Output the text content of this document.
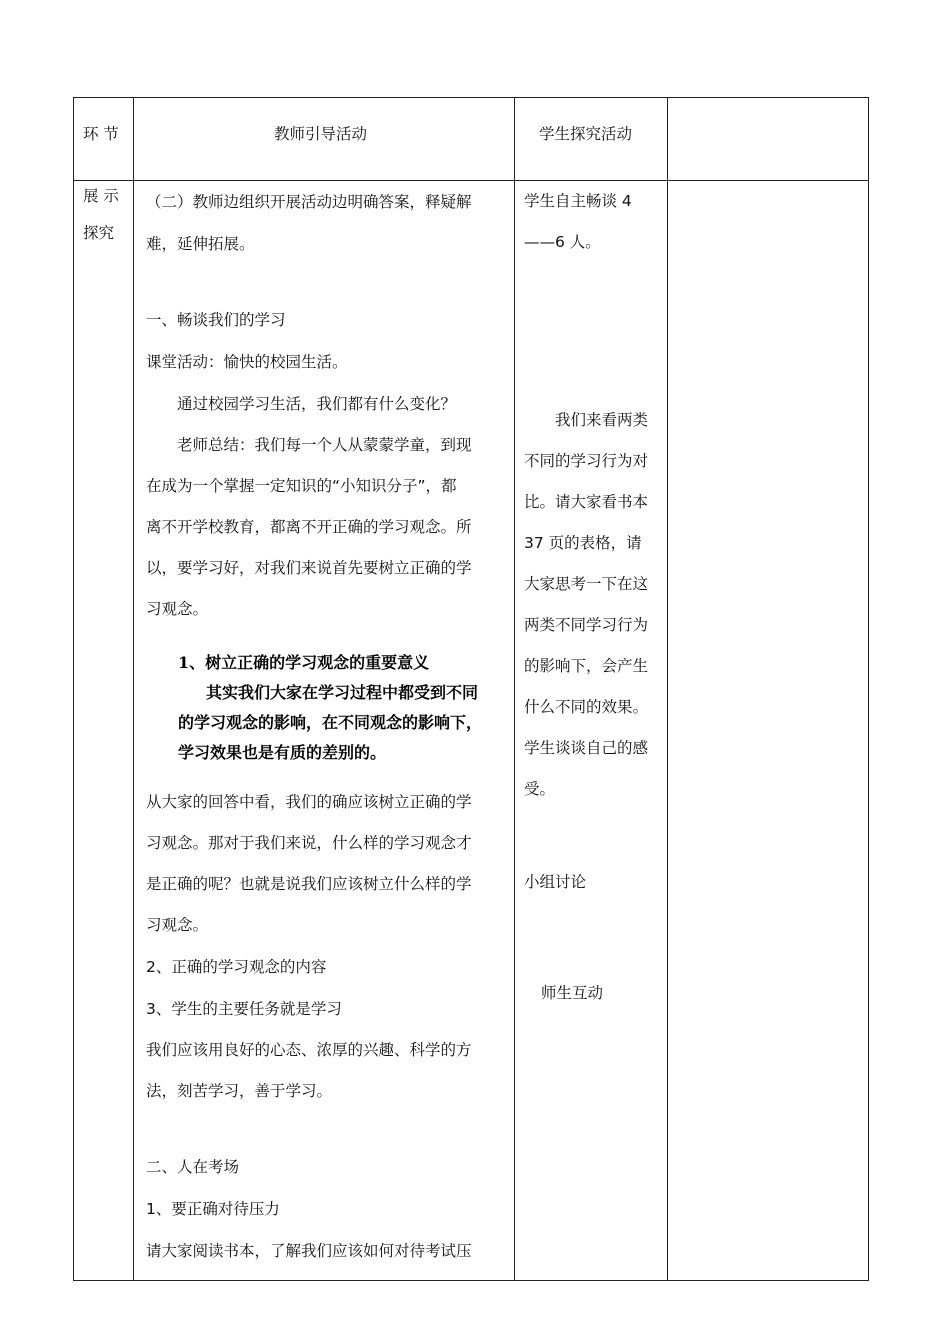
环 节	教师引导活动	学生探究活动
展 示
探究

（二）教师边组织开展活动边明确答案，释疑解

难，延伸拓展。

一、畅谈我们的学习

课堂活动：愉快的校园生活。

通过校园学习生活，我们都有什么变化？

老师总结：我们每一个人从蒙蒙学童，到现

在成为一个掌握一定知识的“小知识分子”，都

离不开学校教育，都离不开正确的学习观念。所

以，要学习好，对我们来说首先要树立正确的学

习观念。

1、树立正确的学习观念的重要意义
其实我们大家在学习过程中都受到不同
的学习观念的影响，在不同观念的影响下，
学习效果也是有质的差别的。

从大家的回答中看，我们的确应该树立正确的学

习观念。那对于我们来说，什么样的学习观念才

是正确的呢？也就是说我们应该树立什么样的学

习观念。

2、正确的学习观念的内容

3、学生的主要任务就是学习

我们应该用良好的心态、浓厚的兴趣、科学的方

法，刻苦学习，善于学习。

二、人在考场

1、要正确对待压力

请大家阅读书本，了解我们应该如何对待考试压

学生自主畅谈 4

——6 人。

我们来看两类

不同的学习行为对

比。请大家看书本

37 页的表格，请

大家思考一下在这

两类不同学习行为

的影响下，会产生

什么不同的效果。

学生谈谈自己的感

受。

小组讨论

师生互动
